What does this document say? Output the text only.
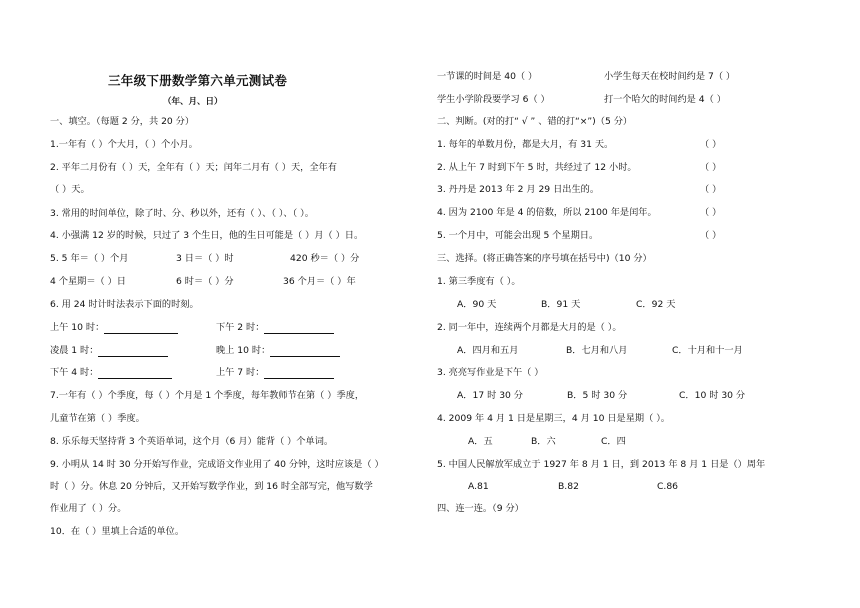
三年级下册数学第六单元测试卷
（年、月、日）
一、填空。（每题 2 分，共 20 分）
1.一年有（ ）个大月，（ ）个小月。
2. 平年二月份有（ ）天，全年有（ ）天；闰年二月有（ ）天，全年有
（ ）天。
3. 常用的时间单位，除了时、分、秒以外，还有（ ）、（ ）、（ ）。
4. 小强满 12 岁的时候，只过了 3 个生日，他的生日可能是（ ）月（ ）日。
5. 5 年＝（ ）个月	3 日＝（ ）时	420 秒＝（ ）分
4 个星期＝（ ）日	6 时＝（ ）分	36 个月＝（ ）年
6. 用 24 时计时法表示下面的时刻。
上午 10 时：	下午 2 时：
凌晨 1 时：	晚上 10 时：
下午 4 时：	上午 7 时：
7.一年有（ ）个季度，每（ ）个月是 1 个季度，每年教师节在第（ ）季度，
儿童节在第（ ）季度。
8. 乐乐每天坚持背 3 个英语单词，这个月（6 月）能背（ ）个单词。
9. 小明从 14 时 30 分开始写作业，完成语文作业用了 40 分钟，这时应该是（ ）
时（ ）分。休息 20 分钟后，又开始写数学作业，到 16 时全部写完，他写数学
作业用了（ ）分。
10．在（ ）里填上合适的单位。
一节课的时间是 40（ ）	小学生每天在校时间约是 7（ ）
学生小学阶段要学习 6（ ）	打一个哈欠的时间约是 4（ ）
二、判断。(对的打“ √ ” 、错的打“×”)（5 分）
1. 每年的单数月份，都是大月，有 31 天。	（ ）
2. 从上午 7 时到下午 5 时，共经过了 12 小时。	（ ）
3. 丹丹是 2013 年 2 月 29 日出生的。	（ ）
4. 因为 2100 年是 4 的倍数，所以 2100 年是闰年。	（ ）
5. 一个月中，可能会出现 5 个星期日。	（ ）
三、选择。(将正确答案的序号填在括号中)（10 分）
1. 第三季度有（ ）。
A．90 天	B．91 天	C．92 天
2. 同一年中，连续两个月都是大月的是（ ）。
A．四月和五月	B．七月和八月	C．十月和十一月
3. 亮亮写作业是下午（ ）
A．17 时 30 分	B．5 时 30 分	C．10 时 30 分
4. 2009 年 4 月 1 日是星期三，4 月 10 日是星期（ ）。
A．五	B．六	C．四
5. 中国人民解放军成立于 1927 年 8 月 1 日，到 2013 年 8 月 1 日是（）周年
A.81	B.82	C.86
四、连一连。（9 分）
